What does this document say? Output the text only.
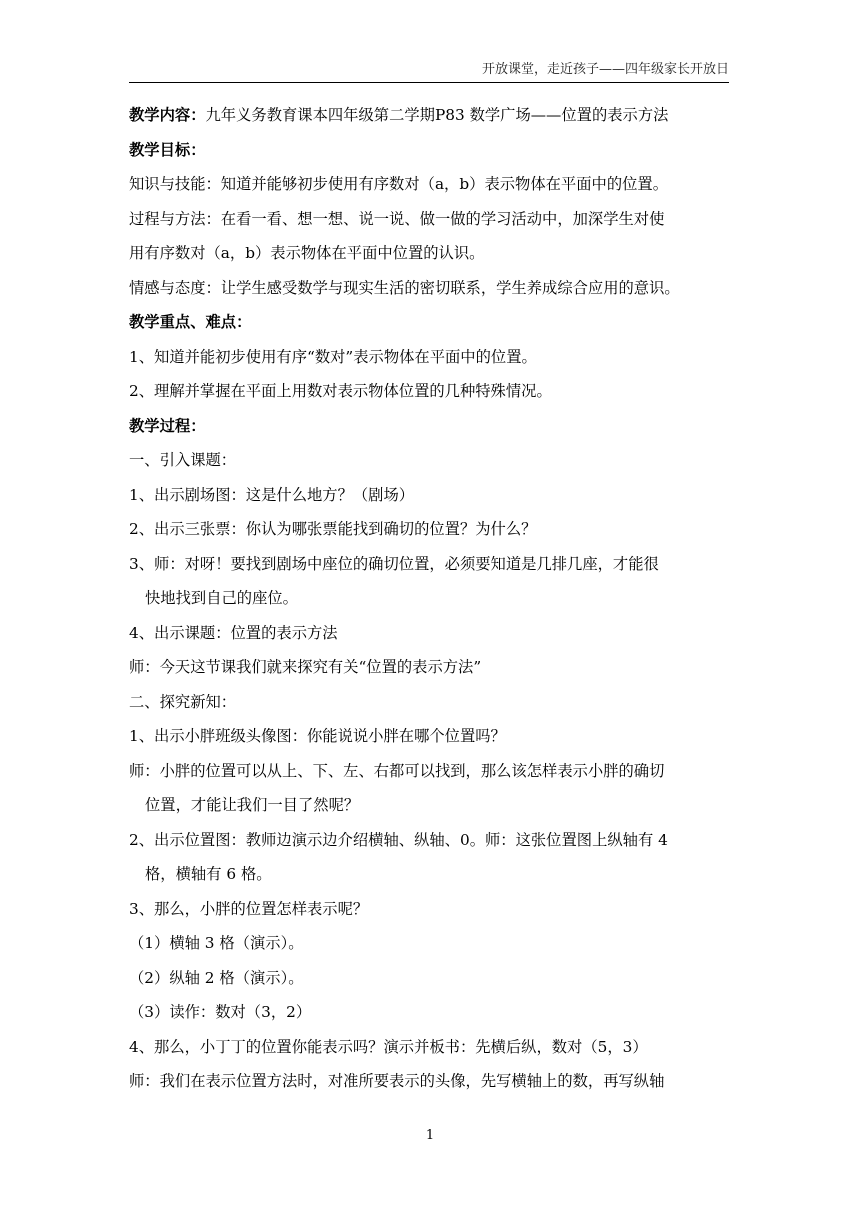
开放课堂，走近孩子——四年级家长开放日
教学内容：九年义务教育课本四年级第二学期P83 数学广场——位置的表示方法
教学目标：
知识与技能：知道并能够初步使用有序数对（a，b）表示物体在平面中的位置。
过程与方法：在看一看、想一想、说一说、做一做的学习活动中，加深学生对使
用有序数对（a，b）表示物体在平面中位置的认识。
情感与态度：让学生感受数学与现实生活的密切联系，学生养成综合应用的意识。
教学重点、难点：
1、知道并能初步使用有序“数对”表示物体在平面中的位置。
2、理解并掌握在平面上用数对表示物体位置的几种特殊情况。
教学过程：
一、引入课题：
1、出示剧场图：这是什么地方？（剧场）
2、出示三张票：你认为哪张票能找到确切的位置？为什么？
3、师：对呀！要找到剧场中座位的确切位置，必须要知道是几排几座，才能很
快地找到自己的座位。
4、出示课题：位置的表示方法
师：今天这节课我们就来探究有关“位置的表示方法”
二、探究新知：
1、出示小胖班级头像图：你能说说小胖在哪个位置吗？
师：小胖的位置可以从上、下、左、右都可以找到，那么该怎样表示小胖的确切
位置，才能让我们一目了然呢？
2、出示位置图：教师边演示边介绍横轴、纵轴、0。师：这张位置图上纵轴有 4
格，横轴有 6 格。
3、那么，小胖的位置怎样表示呢？
（1）横轴 3 格（演示）。
（2）纵轴 2 格（演示）。
（3）读作：数对（3，2）
4、那么，小丁丁的位置你能表示吗？演示并板书：先横后纵，数对（5，3）
师：我们在表示位置方法时，对准所要表示的头像，先写横轴上的数，再写纵轴
1
